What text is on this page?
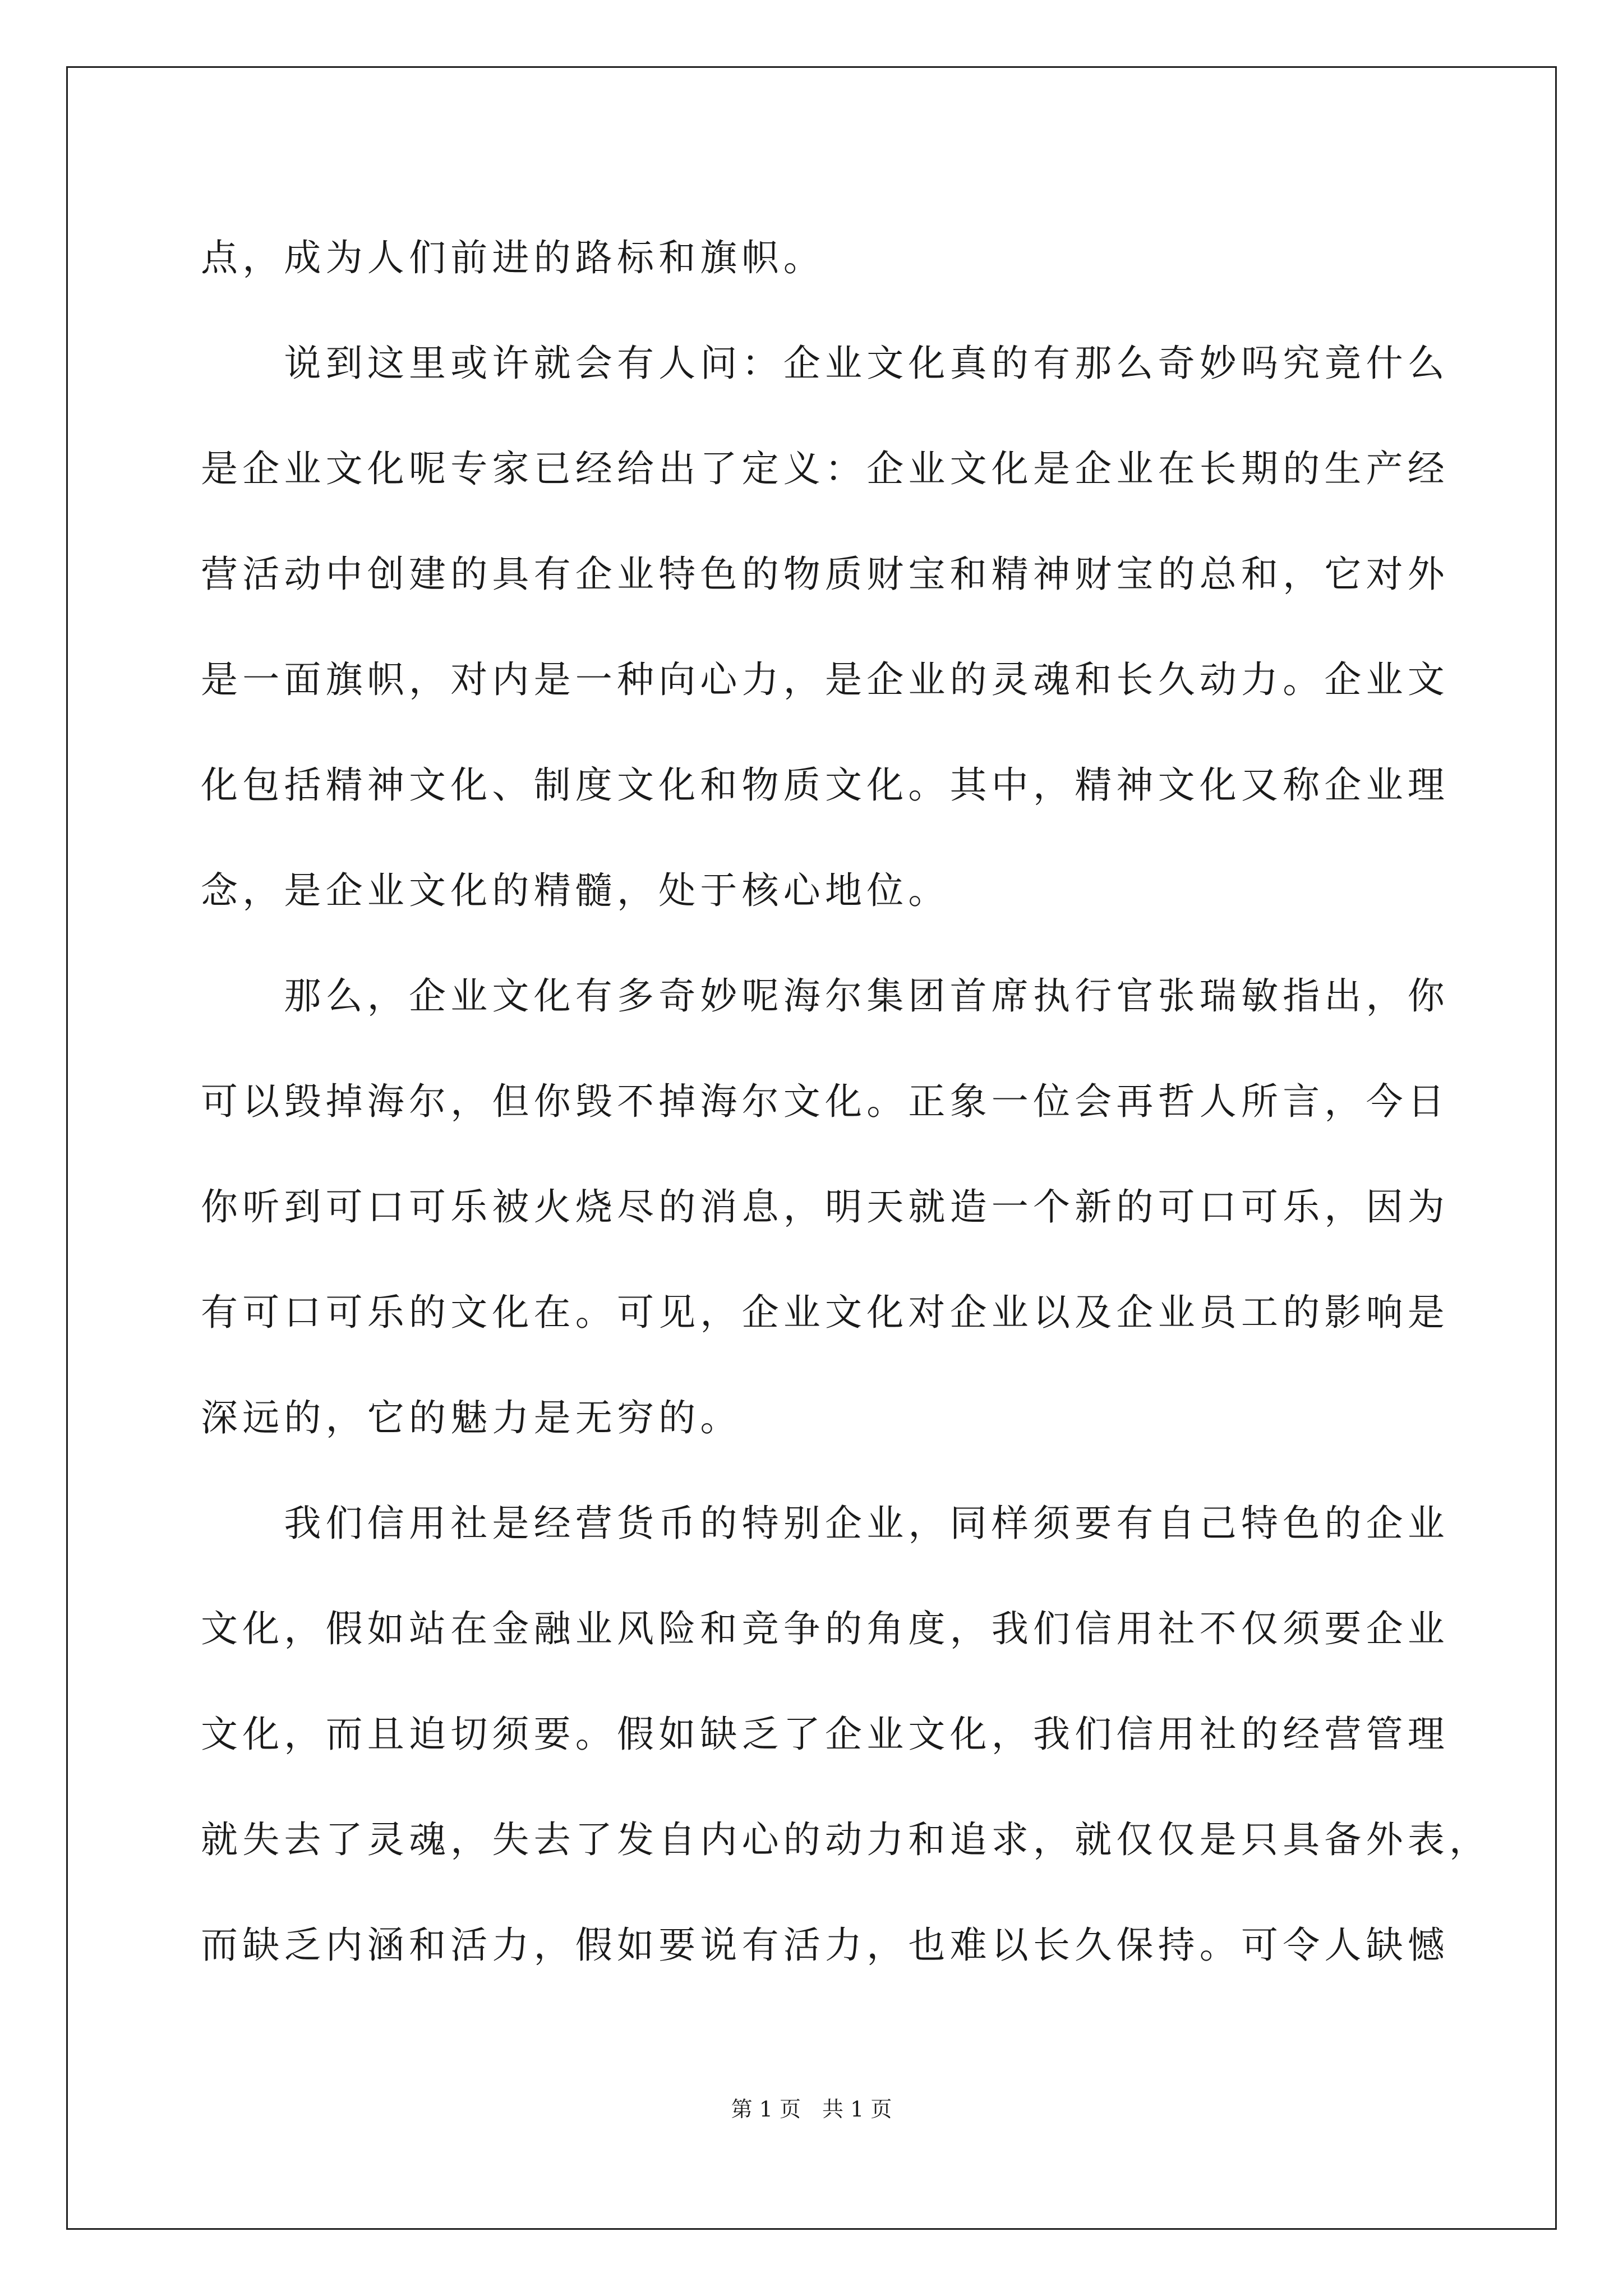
点，成为人们前进的路标和旗帜。
　　说到这里或许就会有人问：企业文化真的有那么奇妙吗究竟什么
是企业文化呢专家已经给出了定义：企业文化是企业在长期的生产经
营活动中创建的具有企业特色的物质财宝和精神财宝的总和，它对外
是一面旗帜，对内是一种向心力，是企业的灵魂和长久动力。企业文
化包括精神文化、制度文化和物质文化。其中，精神文化又称企业理
念，是企业文化的精髓，处于核心地位。
　　那么，企业文化有多奇妙呢海尔集团首席执行官张瑞敏指出，你
可以毁掉海尔，但你毁不掉海尔文化。正象一位会再哲人所言，今日
你听到可口可乐被火烧尽的消息，明天就造一个新的可口可乐，因为
有可口可乐的文化在。可见，企业文化对企业以及企业员工的影响是
深远的，它的魅力是无穷的。
　　我们信用社是经营货币的特别企业，同样须要有自己特色的企业
文化，假如站在金融业风险和竞争的角度，我们信用社不仅须要企业
文化，而且迫切须要。假如缺乏了企业文化，我们信用社的经营管理
就失去了灵魂，失去了发自内心的动力和追求，就仅仅是只具备外表，
而缺乏内涵和活力，假如要说有活力，也难以长久保持。可令人缺憾
第 1 页　共 1 页
